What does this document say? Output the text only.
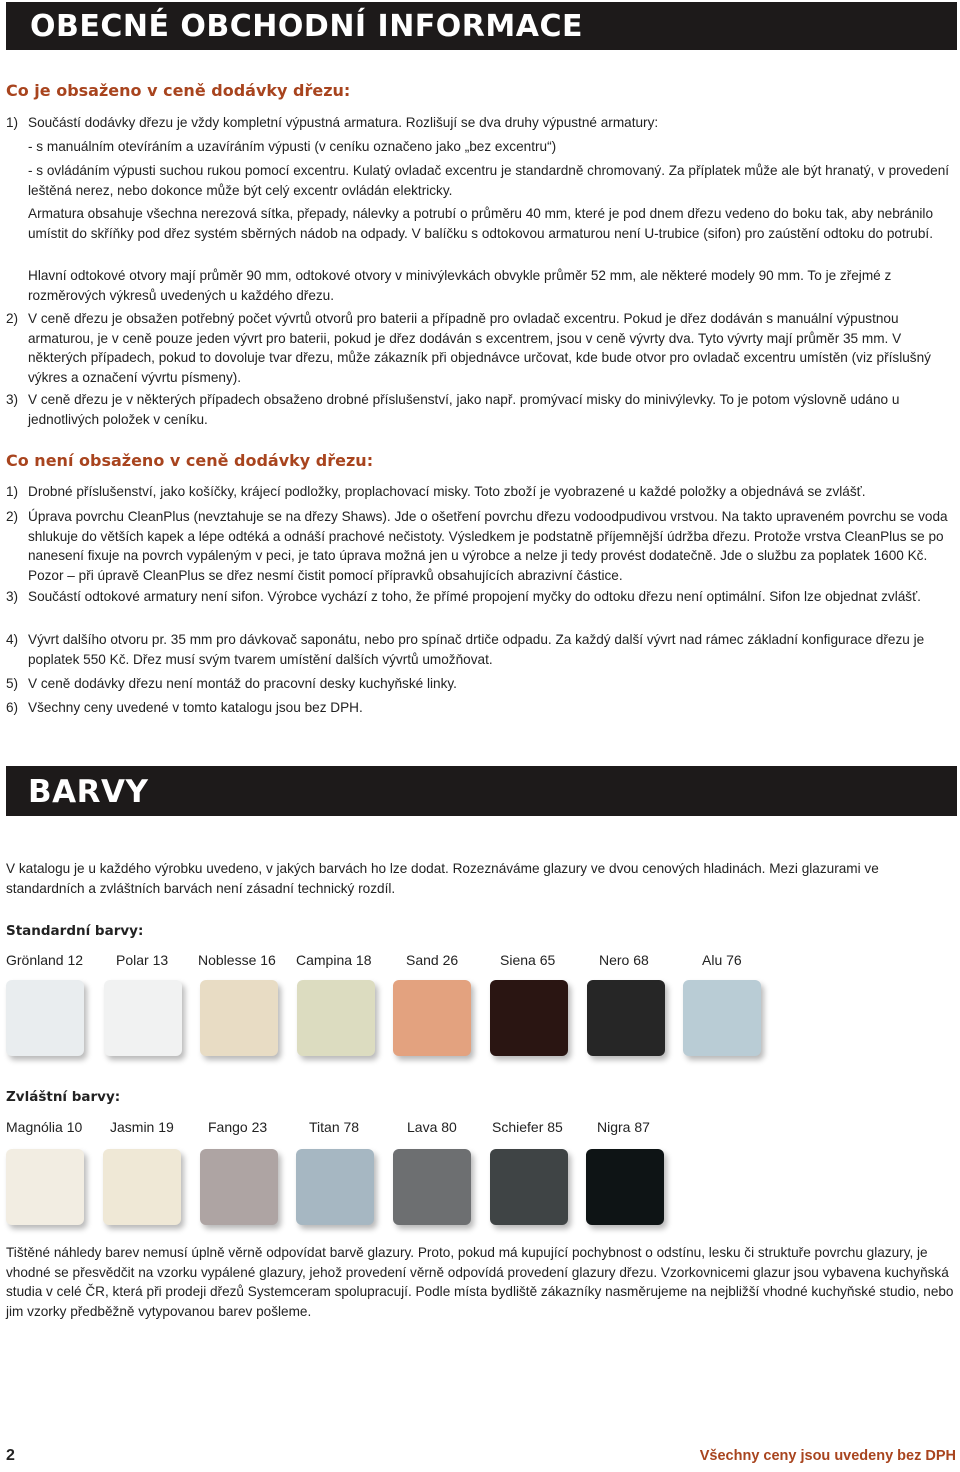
OBECNÉ OBCHODNÍ INFORMACE
Co je obsaženo v ceně dodávky dřezu:
1) Součástí dodávky dřezu je vždy kompletní výpustná armatura. Rozlišují se dva druhy výpustné armatury:
- s manuálním otevíráním a uzavíráním výpusti (v ceníku označeno jako „bez excentru“)
- s ovládáním výpusti suchou rukou pomocí excentru. Kulatý ovladač excentru je standardně chromovaný. Za příplatek může ale být hranatý, v provedení leštěná nerez, nebo dokonce může být celý excentr ovládán elektricky.
Armatura obsahuje všechna nerezová sítka, přepady, nálevky a potrubí o průměru 40 mm, které je pod dnem dřezu vedeno do boku tak, aby nebránilo umístit do skříňky pod dřez systém sběrných nádob na odpady. V balíčku s odtokovou armaturou není U-trubice (sifon) pro zaústění odtoku do potrubí.
Hlavní odtokové otvory mají průměr 90 mm, odtokové otvory v minivýlevkách obvykle průměr 52 mm, ale některé modely 90 mm. To je zřejmé z rozměrových výkresů uvedených u každého dřezu.
2) V ceně dřezu je obsažen potřebný počet vývrtů otvorů pro baterii a případně pro ovladač excentru. Pokud je dřez dodáván s manuální výpustnou armaturou, je v ceně pouze jeden vývrt pro baterii, pokud je dřez dodáván s excentrem, jsou v ceně vývrty dva. Tyto vývrty mají průměr 35 mm. V některých případech, pokud to dovoluje tvar dřezu, může zákazník při objednávce určovat, kde bude otvor pro ovladač excentru umístěn (viz příslušný výkres a označení vývrtu písmeny).
3) V ceně dřezu je v některých případech obsaženo drobné příslušenství, jako např. promývací misky do minivýlevky. To je potom výslovně udáno u jednotlivých položek v ceníku.
Co není obsaženo v ceně dodávky dřezu:
1) Drobné příslušenství, jako košíčky, krájecí podložky, proplachovací misky. Toto zboží je vyobrazené u každé položky a objednává se zvlášť.
2) Úprava povrchu CleanPlus (nevztahuje se na dřezy Shaws). Jde o ošetření povrchu dřezu vodoodpudivou vrstvou. Na takto upraveném povrchu se voda shlukuje do větších kapek a lépe odtéká a odnáší prachové nečistoty. Výsledkem je podstatně příjemnější údržba dřezu. Protože vrstva CleanPlus se po nanesení fixuje na povrch vypáleným v peci, je tato úprava možná jen u výrobce a nelze ji tedy provést dodatečně. Jde o službu za poplatek 1600 Kč. Pozor – při úpravě CleanPlus se dřez nesmí čistit pomocí přípravků obsahujících abrazivní částice.
3) Součástí odtokové armatury není sifon. Výrobce vychází z toho, že přímé propojení myčky do odtoku dřezu není optimální. Sifon lze objednat zvlášť.
4) Vývrt dalšího otvoru pr. 35 mm pro dávkovač saponátu, nebo pro spínač drtiče odpadu. Za každý další vývrt nad rámec základní konfigurace dřezu je poplatek 550 Kč. Dřez musí svým tvarem umístění dalších vývrtů umožňovat.
5) V ceně dodávky dřezu není montáž do pracovní desky kuchyňské linky.
6) Všechny ceny uvedené v tomto katalogu jsou bez DPH.
BARVY
V katalogu je u každého výrobku uvedeno, v jakých barvách ho lze dodat. Rozeznáváme glazury ve dvou cenových hladinách. Mezi glazurami ve standardních a zvláštních barvách není zásadní technický rozdíl.
Standardní barvy:
Grönland 12 Polar 13 Noblesse 16 Campina 18 Sand 26	Siena 65	Nero 68	Alu 76
Zvláštní barvy:
Magnólia 10 Jasmin 19 Fango 23	Titan 78	Lava 80	Schiefer 85 Nigra 87
Tištěné náhledy barev nemusí úplně věrně odpovídat barvě glazury. Proto, pokud má kupující pochybnost o odstínu, lesku či struktuře povrchu glazury, je vhodné se přesvědčit na vzorku vypálené glazury, jehož provedení věrně odpovídá provedení glazury dřezu. Vzorkovnicemi glazur jsou vybavena kuchyňská studia v celé ČR, která při prodeji dřezů Systemceram spolupracují. Podle místa bydliště zákazníky nasměrujeme na nejbližší vhodné kuchyňské studio, nebo jim vzorky předběžně vytypovanou barev pošleme.
2	Všechny ceny jsou uvedeny bez DPH
